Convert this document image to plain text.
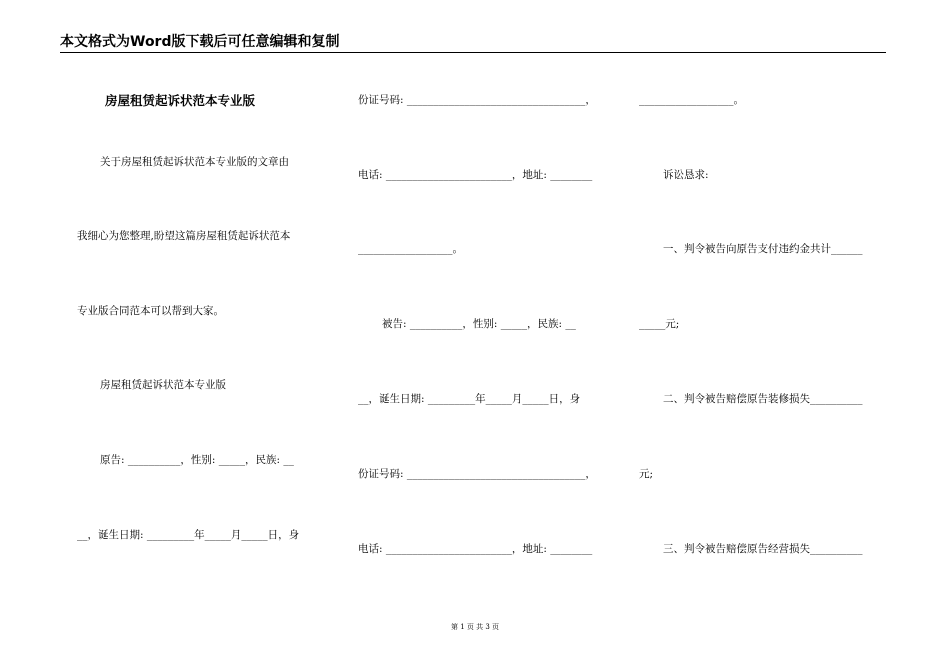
本文格式为Word版下载后可任意编辑和复制
房屋租赁起诉状范本专业版
关于房屋租赁起诉状范本专业版的文章由
我细心为您整理,盼望这篇房屋租赁起诉状范本
专业版合同范本可以帮到大家。
房屋租赁起诉状范本专业版
原告: __________，性别: _____，民族: __
__，诞生日期: _________年_____月_____日，身
份证号码: __________________________________，
电话: ________________________，地址: ________
__________________。
被告: __________，性别: _____，民族: __
__，诞生日期: _________年_____月_____日，身
份证号码: __________________________________，
电话: ________________________，地址: ________
__________________。
诉讼恳求:
一、判令被告向原告支付违约金共计______
_____元;
二、判令被告赔偿原告装修损失__________
元;
三、判令被告赔偿原告经营损失__________
第 1 页 共 3 页
